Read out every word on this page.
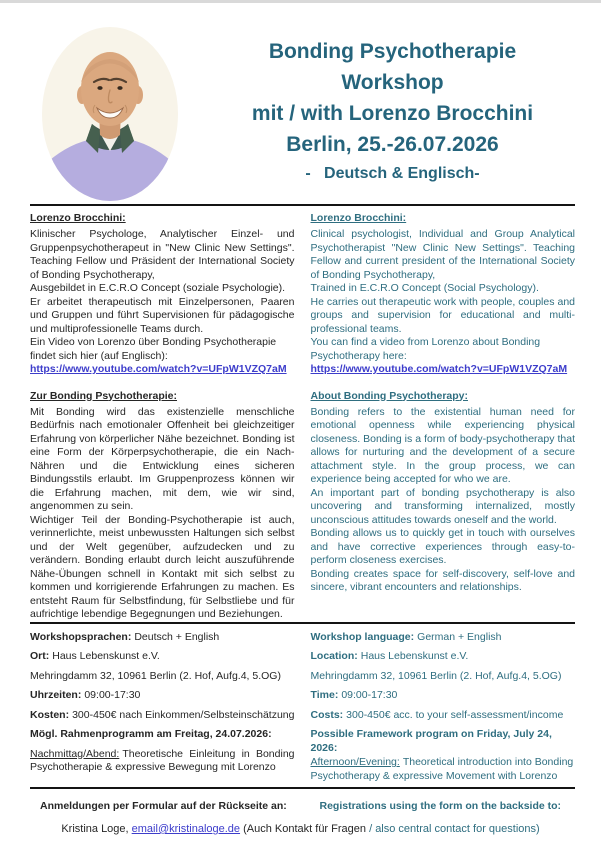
Bonding Psychotherapie
Workshop
mit / with Lorenzo Brocchini
Berlin, 25.-26.07.2026
-   Deutsch & Englisch-
Lorenzo Brocchini:
Klinischer Psychologe, Analytischer Einzel- und Gruppenpsychotherapeut in "New Clinic New Settings". Teaching Fellow und Präsident der International Society of Bonding Psychotherapy,
Ausgebildet in E.C.R.O Concept (soziale Psychologie).
Er arbeitet therapeutisch mit Einzelpersonen, Paaren und Gruppen und führt Supervisionen für pädagogische und multiprofessionelle Teams durch.
Ein Video von Lorenzo über Bonding Psychotherapie
findet sich hier (auf Englisch):
https://www.youtube.com/watch?v=UFpW1VZQ7aM
Zur Bonding Psychotherapie:
Mit Bonding wird das existenzielle menschliche Bedürfnis nach emotionaler Offenheit bei gleichzeitiger Erfahrung von körperlicher Nähe bezeichnet. Bonding ist eine Form der Körperpsychotherapie, die ein Nach-Nähren und die Entwicklung eines sicheren Bindungsstils erlaubt. Im Gruppenprozess können wir die Erfahrung machen, mit dem, wie wir sind, angenommen zu sein.
Wichtiger Teil der Bonding-Psychotherapie ist auch, verinnerlichte, meist unbewussten Haltungen sich selbst und der Welt gegenüber, aufzudecken und zu verändern. Bonding erlaubt durch leicht auszuführende Nähe-Übungen schnell in Kontakt mit sich selbst zu kommen und korrigierende Erfahrungen zu machen. Es entsteht Raum für Selbstfindung, für Selbstliebe und für aufrichtige lebendige Begegnungen und Beziehungen.
Lorenzo Brocchini:
Clinical psychologist, Individual and Group Analytical Psychotherapist "New Clinic New Settings". Teaching Fellow and current president of the International Society of Bonding Psychotherapy,
Trained in E.C.R.O Concept (Social Psychology).
He carries out therapeutic work with people, couples and groups and supervision for educational and multi-professional teams.
You can find a video from Lorenzo about Bonding
Psychotherapy here:
https://www.youtube.com/watch?v=UFpW1VZQ7aM
About Bonding Psychotherapy:
Bonding refers to the existential human need for emotional openness while experiencing physical closeness. Bonding is a form of body-psychotherapy that allows for nurturing and the development of a secure attachment style. In the group process, we can experience being accepted for who we are.
An important part of bonding psychotherapy is also uncovering and transforming internalized, mostly unconscious attitudes towards oneself and the world.
Bonding allows us to quickly get in touch with ourselves and have corrective experiences through easy-to-perform closeness exercises.
Bonding creates space for self-discovery, self-love and sincere, vibrant encounters and relationships.
Workshopsprachen: Deutsch + English
Ort: Haus Lebenskunst e.V.
Mehringdamm 32, 10961 Berlin (2. Hof, Aufg.4, 5.OG)
Uhrzeiten: 09:00-17:30
Kosten: 300-450€ nach Einkommen/Selbsteinschätzung
Mögl. Rahmenprogramm am Freitag, 24.07.2026:
Nachmittag/Abend: Theoretische Einleitung in Bonding Psychotherapie & expressive Bewegung mit Lorenzo
Workshop language: German + English
Location: Haus Lebenskunst e.V.
Mehringdamm 32, 10961 Berlin (2. Hof, Aufg.4, 5.OG)
Time: 09:00-17:30
Costs: 300-450€ acc. to your self-assessment/income
Possible Framework program on Friday, July 24, 2026:
Afternoon/Evening: Theoretical introduction into Bonding Psychotherapy & expressive Movement with Lorenzo
Anmeldungen per Formular auf der Rückseite an:	Registrations using the form on the backside to:
Kristina Loge, email@kristinaloge.de (Auch Kontakt für Fragen / also central contact for questions)
